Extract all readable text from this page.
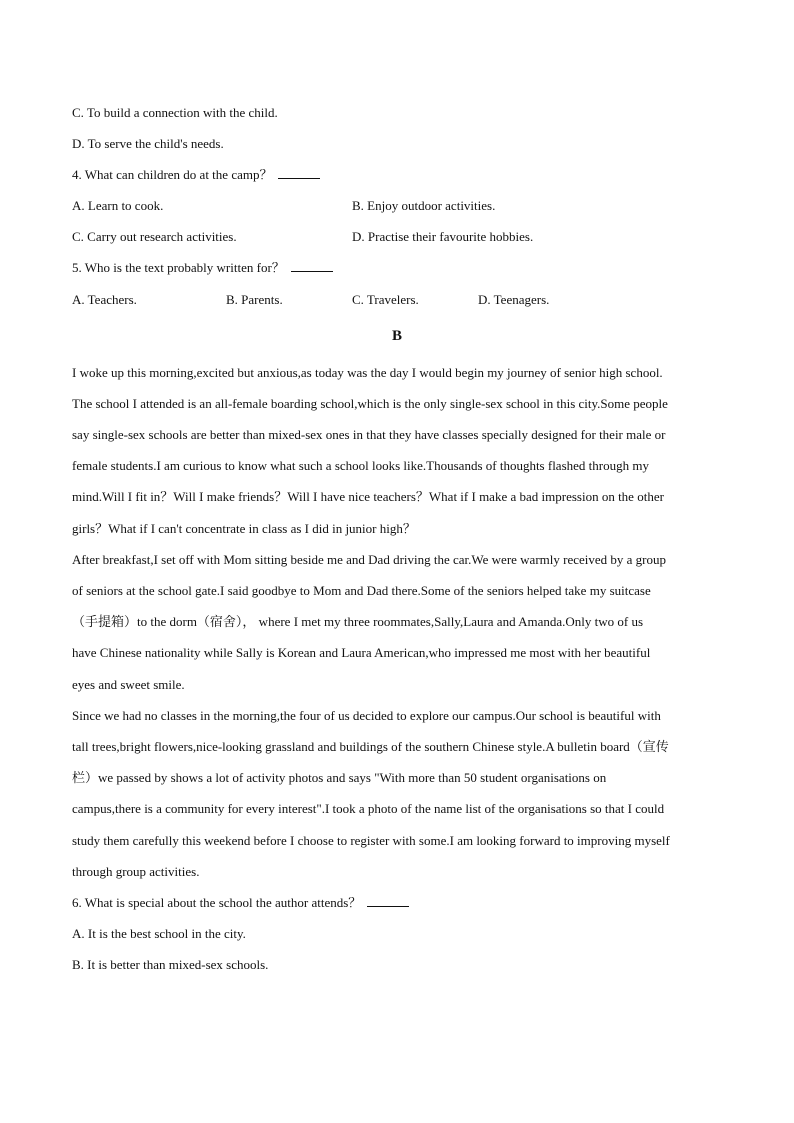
C. To build a connection with the child.
D. To serve the child's needs.
4. What can children do at the camp？
A. Learn to cook.	B. Enjoy outdoor activities.
C. Carry out research activities.	D. Practise their favourite hobbies.
5. Who is the text probably written for？
A. Teachers.	B. Parents.	C. Travelers.	D. Teenagers.
B
I woke up this morning,excited but anxious,as today was the day I would begin my journey of senior high school.
The school I attended is an all-female boarding school,which is the only single-sex school in this city.Some people
say single-sex schools are better than mixed-sex ones in that they have classes specially designed for their male or
female students.I am curious to know what such a school looks like.Thousands of thoughts flashed through my
mind.Will I fit in？Will I make friends？Will I have nice teachers？What if I make a bad impression on the other
girls？What if I can't concentrate in class as I did in junior high？
After breakfast,I set off with Mom sitting beside me and Dad driving the car.We were warmly received by a group
of seniors at the school gate.I said goodbye to Mom and Dad there.Some of the seniors helped take my suitcase
（手提箱）to the dorm（宿舍）， where I met my three roommates,Sally,Laura and Amanda.Only two of us
have Chinese nationality while Sally is Korean and Laura American,who impressed me most with her beautiful
eyes and sweet smile.
Since we had no classes in the morning,the four of us decided to explore our campus.Our school is beautiful with
tall trees,bright flowers,nice-looking grassland and buildings of the southern Chinese style.A bulletin board（宣传
栏）we passed by shows a lot of activity photos and says "With more than 50 student organisations on
campus,there is a community for every interest".I took a photo of the name list of the organisations so that I could
study them carefully this weekend before I choose to register with some.I am looking forward to improving myself
through group activities.
6. What is special about the school the author attends？
A. It is the best school in the city.
B. It is better than mixed-sex schools.
